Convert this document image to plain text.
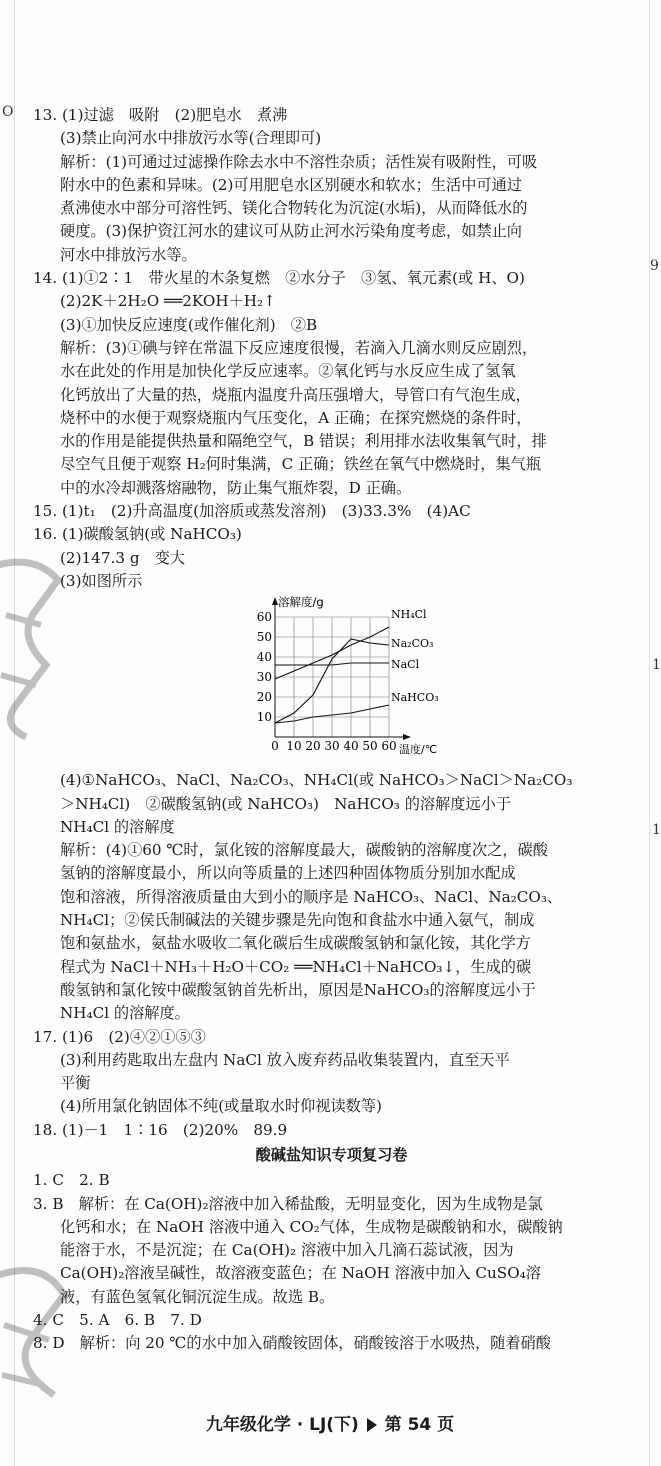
O
9
1
1
13. (1)过滤　吸附　(2)肥皂水　煮沸
(3)禁止向河水中排放污水等(合理即可)
解析：(1)可通过过滤操作除去水中不溶性杂质；活性炭有吸附性，可吸
附水中的色素和异味。(2)可用肥皂水区别硬水和软水；生活中可通过
煮沸使水中部分可溶性钙、镁化合物转化为沉淀(水垢)，从而降低水的
硬度。(3)保护资江河水的建议可从防止河水污染角度考虑，如禁止向
河水中排放污水等。
14. (1)①2∶1　带火星的木条复燃　②水分子　③氢、氧元素(或 H、O)
(2)2K＋2H₂O ══2KOH＋H₂↑
(3)①加快反应速度(或作催化剂)　②B
解析：(3)①碘与锌在常温下反应速度很慢，若滴入几滴水则反应剧烈，
水在此处的作用是加快化学反应速率。②氧化钙与水反应生成了氢氧
化钙放出了大量的热，烧瓶内温度升高压强增大，导管口有气泡生成，
烧杯中的水便于观察烧瓶内气压变化，A 正确；在探究燃烧的条件时，
水的作用是能提供热量和隔绝空气，B 错误；利用排水法收集氧气时，排
尽空气且便于观察 H₂何时集满，C 正确；铁丝在氧气中燃烧时，集气瓶
中的水冷却溅落熔融物，防止集气瓶炸裂，D 正确。
15. (1)t₁　(2)升高温度(加溶质或蒸发溶剂)　(3)33.3%　(4)AC
16. (1)碳酸氢钠(或 NaHCO₃)
(2)147.3 g　变大
(3)如图所示
0 10 20 30 40 50 60
10
20
30
40
50
60
溶解度/g
温度/℃
NH₄Cl
Na₂CO₃
NaCl
NaHCO₃
(4)①NaHCO₃、NaCl、Na₂CO₃、NH₄Cl(或 NaHCO₃＞NaCl＞Na₂CO₃
＞NH₄Cl)　②碳酸氢钠(或 NaHCO₃)　NaHCO₃ 的溶解度远小于
NH₄Cl 的溶解度
解析：(4)①60 ℃时，氯化铵的溶解度最大，碳酸钠的溶解度次之，碳酸
氢钠的溶解度最小，所以向等质量的上述四种固体物质分别加水配成
饱和溶液，所得溶液质量由大到小的顺序是 NaHCO₃、NaCl、Na₂CO₃、
NH₄Cl；②侯氏制碱法的关键步骤是先向饱和食盐水中通入氨气，制成
饱和氨盐水，氨盐水吸收二氧化碳后生成碳酸氢钠和氯化铵，其化学方
程式为 NaCl＋NH₃＋H₂O＋CO₂ ══NH₄Cl＋NaHCO₃↓，生成的碳
酸氢钠和氯化铵中碳酸氢钠首先析出，原因是NaHCO₃的溶解度远小于
NH₄Cl 的溶解度。
17. (1)6　(2)④②①⑤③
(3)利用药匙取出左盘内 NaCl 放入废弃药品收集装置内，直至天平
平衡
(4)所用氯化钠固体不纯(或量取水时仰视读数等)
18. (1)－1　1∶16　(2)20%　89.9
酸碱盐知识专项复习卷
1. C　2. B
3. B　解析：在 Ca(OH)₂溶液中加入稀盐酸，无明显变化，因为生成物是氯
化钙和水；在 NaOH 溶液中通入 CO₂气体，生成物是碳酸钠和水，碳酸钠
能溶于水，不是沉淀；在 Ca(OH)₂ 溶液中加入几滴石蕊试液，因为
Ca(OH)₂溶液呈碱性，故溶液变蓝色；在 NaOH 溶液中加入 CuSO₄溶
液，有蓝色氢氧化铜沉淀生成。故选 B。
4. C　5. A　6. B　7. D
8. D　解析：向 20 ℃的水中加入硝酸铵固体，硝酸铵溶于水吸热，随着硝酸
九年级化学 · LJ(下) 第 54 页
